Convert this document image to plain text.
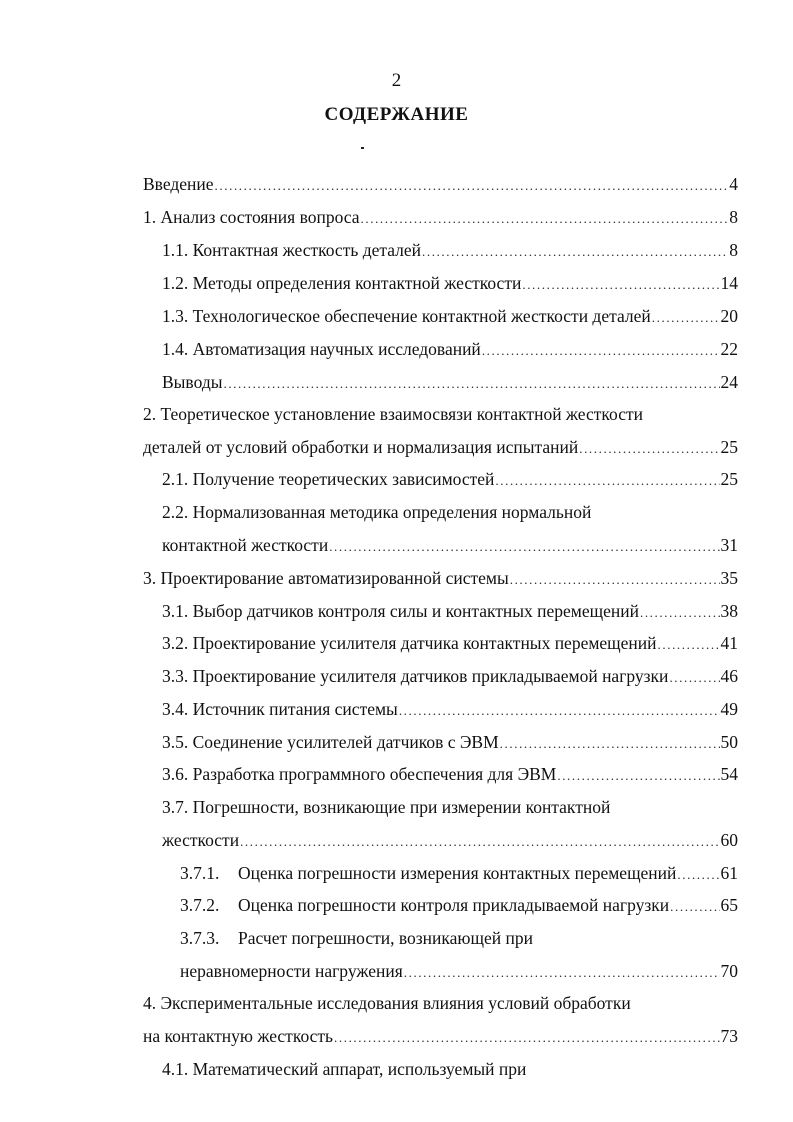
2
СОДЕРЖАНИЕ
Введение .....	4
1. Анализ состояния вопроса .....	8
1.1. Контактная жесткость деталей .....	8
1.2. Методы определения контактной жесткости .....	14
1.3. Технологическое обеспечение контактной жесткости деталей .....	20
1.4. Автоматизация научных исследований .....	22
Выводы .....	24
2. Теоретическое установление взаимосвязи контактной жесткости
деталей от условий обработки и нормализация испытаний .....	25
2.1. Получение теоретических зависимостей .....	25
2.2. Нормализованная методика определения нормальной
контактной жесткости .....	31
3. Проектирование автоматизированной системы .....	35
3.1. Выбор датчиков контроля силы и контактных перемещений .....	38
3.2. Проектирование усилителя датчика контактных перемещений .....	41
3.3. Проектирование усилителя датчиков прикладываемой нагрузки .....	46
3.4. Источник питания системы .....	49
3.5. Соединение усилителей датчиков с ЭВМ .....	50
3.6. Разработка программного обеспечения для ЭВМ .....	54
3.7. Погрешности, возникающие при измерении контактной
жесткости .....	60
3.7.1. Оценка погрешности измерения контактных перемещений .....	61
3.7.2. Оценка погрешности контроля прикладываемой нагрузки .....	65
3.7.3. Расчет погрешности, возникающей при
неравномерности нагружения .....	70
4. Экспериментальные исследования влияния условий обработки
на контактную жесткость .....	73
4.1. Математический аппарат, используемый при
